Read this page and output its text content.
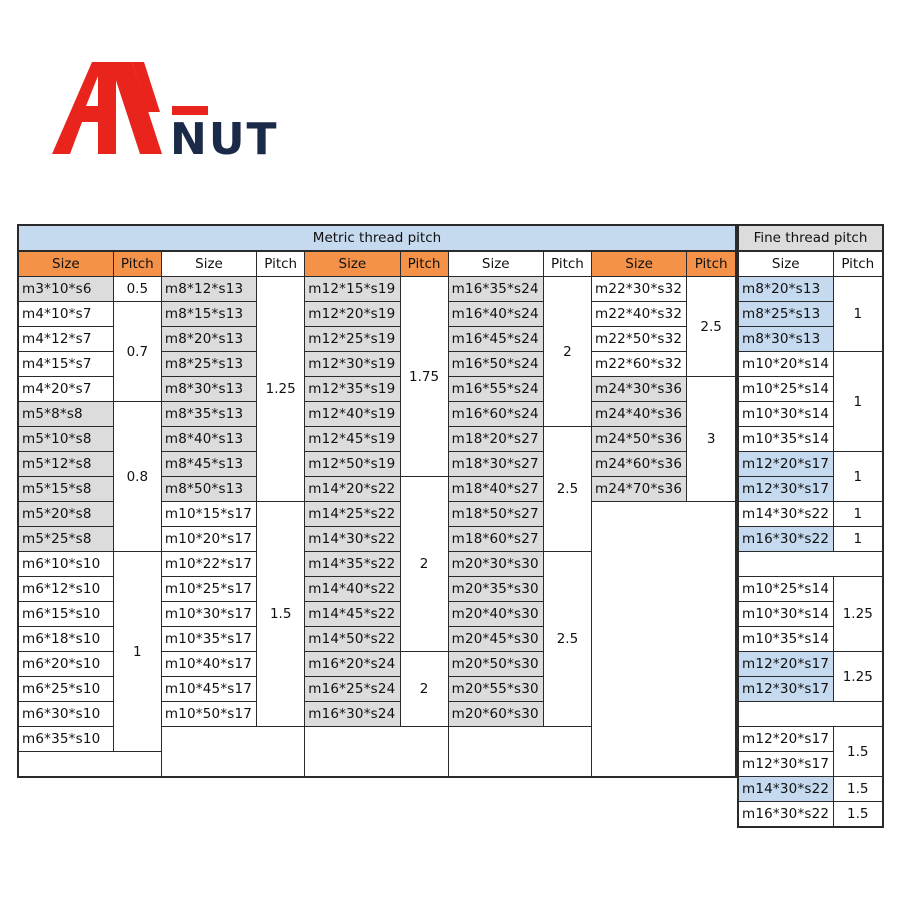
NUT
Metric thread pitch									
Size	Pitch	Size	Pitch	Size	Pitch	Size	Pitch	Size	Pitch
m3*10*s6	0.5	m8*12*s13	1.25	m12*15*s19	1.75	m16*35*s24	2	m22*30*s32	2.5
m4*10*s7	0.7	m8*15*s13		m12*20*s19		m16*40*s24		m22*40*s32	
m4*12*s7		m8*20*s13		m12*25*s19		m16*45*s24		m22*50*s32	
m4*15*s7		m8*25*s13		m12*30*s19		m16*50*s24		m22*60*s32	
m4*20*s7		m8*30*s13		m12*35*s19		m16*55*s24		m24*30*s36	3
m5*8*s8	0.8	m8*35*s13		m12*40*s19		m16*60*s24		m24*40*s36	
m5*10*s8		m8*40*s13		m12*45*s19		m18*20*s27	2.5	m24*50*s36	
m5*12*s8		m8*45*s13		m12*50*s19		m18*30*s27		m24*60*s36	
m5*15*s8		m8*50*s13		m14*20*s22	2	m18*40*s27		m24*70*s36	
m5*20*s8		m10*15*s17	1.5	m14*25*s22		m18*50*s27			
m5*25*s8		m10*20*s17		m14*30*s22		m18*60*s27			
m6*10*s10	1	m10*22*s17		m14*35*s22		m20*30*s30	2.5		
m6*12*s10		m10*25*s17		m14*40*s22		m20*35*s30			
m6*15*s10		m10*30*s17		m14*45*s22		m20*40*s30			
m6*18*s10		m10*35*s17		m14*50*s22		m20*45*s30			
m6*20*s10		m10*40*s17		m16*20*s24	2	m20*50*s30			
m6*25*s10		m10*45*s17		m16*25*s24		m20*55*s30			
m6*30*s10		m10*50*s17		m16*30*s24		m20*60*s30			
m6*35*s10									

Fine thread pitch	
Size	Pitch
m8*20*s13	1
m8*25*s13	
m8*30*s13	
m10*20*s14	1
m10*25*s14	
m10*30*s14	
m10*35*s14	
m12*20*s17	1
m12*30*s17	
m14*30*s22	1
m16*30*s22	1

m10*25*s14	1.25
m10*30*s14	
m10*35*s14	
m12*20*s17	1.25
m12*30*s17	

m12*20*s17	1.5
m12*30*s17	
m14*30*s22	1.5
m16*30*s22	1.5
